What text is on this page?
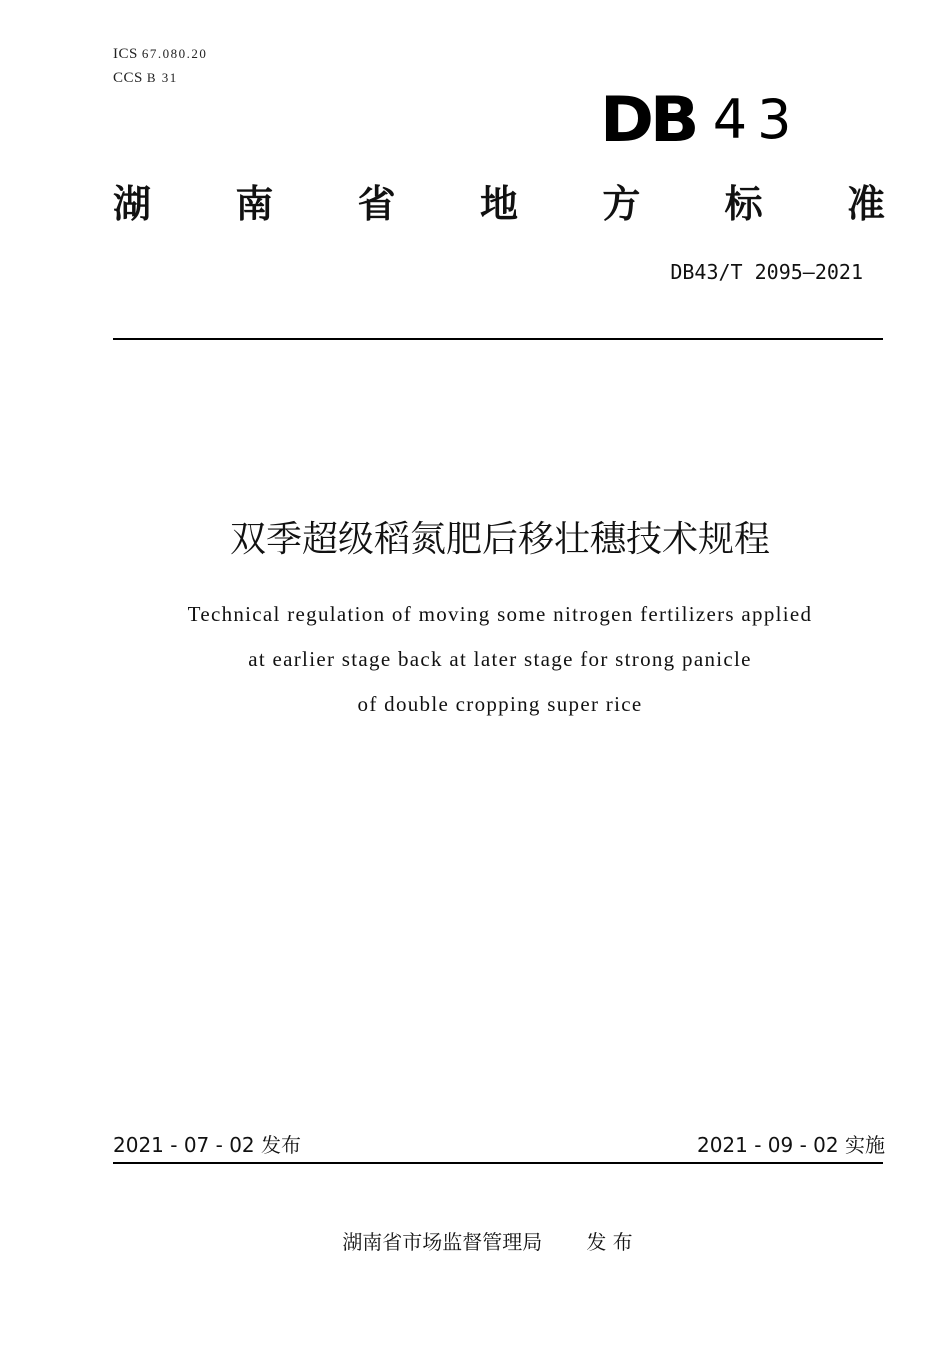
ICS 67.080.20
CCS B 31
DB 43
湖 南 省 地 方 标 准
DB43/T 2095—2021
双季超级稻氮肥后移壮穗技术规程
Technical regulation of moving some nitrogen fertilizers applied
at earlier stage back at later stage for strong panicle
of double cropping super rice
2021 - 07 - 02 发布	2021 - 09 - 02 实施
湖南省市场监督管理局 发 布
